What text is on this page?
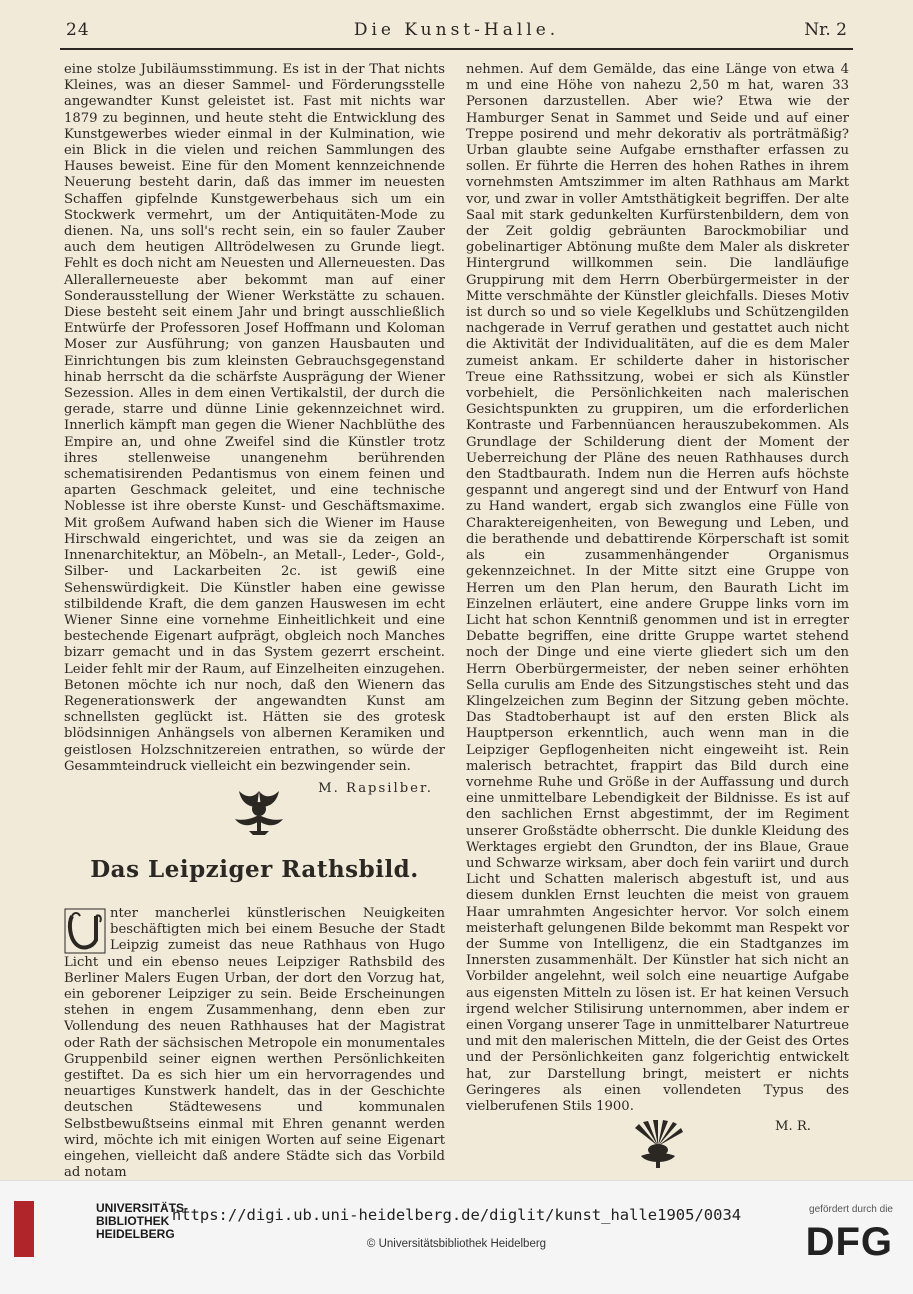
24	Die Kunst-Halle.	Nr. 2

eine stolze Jubiläumsstimmung. Es ist in der That nichts Kleines, was an dieser Sammel- und Förderungsstelle angewandter Kunst geleistet ist. Fast mit nichts war 1879 zu beginnen, und heute steht die Entwicklung des Kunstgewerbes wieder einmal in der Kulmination, wie ein Blick in die vielen und reichen Sammlungen des Hauses beweist. Eine für den Moment kennzeichnende Neuerung besteht darin, daß das immer im neuesten Schaffen gipfelnde Kunstgewerbehaus sich um ein Stockwerk vermehrt, um der Antiquitäten-Mode zu dienen. Na, uns soll's recht sein, ein so fauler Zauber auch dem heutigen Alltrödelwesen zu Grunde liegt. Fehlt es doch nicht am Neuesten und Allerneuesten. Das Allerallerneueste aber bekommt man auf einer Sonderausstellung der Wiener Werkstätte zu schauen. Diese besteht seit einem Jahr und bringt ausschließlich Entwürfe der Professoren Josef Hoffmann und Koloman Moser zur Ausführung; von ganzen Hausbauten und Einrichtungen bis zum kleinsten Gebrauchsgegenstand hinab herrscht da die schärfste Ausprägung der Wiener Sezession. Alles in dem einen Vertikalstil, der durch die gerade, starre und dünne Linie gekennzeichnet wird. Innerlich kämpft man gegen die Wiener Nachblüthe des Empire an, und ohne Zweifel sind die Künstler trotz ihres stellenweise unangenehm berührenden schematisirenden Pedantismus von einem feinen und aparten Geschmack geleitet, und eine technische Noblesse ist ihre oberste Kunst- und Geschäftsmaxime. Mit großem Aufwand haben sich die Wiener im Hause Hirschwald eingerichtet, und was sie da zeigen an Innenarchitektur, an Möbeln-, an Metall-, Leder-, Gold-, Silber- und Lackarbeiten 2c. ist gewiß eine Sehenswürdigkeit. Die Künstler haben eine gewisse stilbildende Kraft, die dem ganzen Hauswesen im echt Wiener Sinne eine vornehme Einheitlichkeit und eine bestechende Eigenart aufprägt, obgleich noch Manches bizarr gemacht und in das System gezerrt erscheint. Leider fehlt mir der Raum, auf Einzelheiten einzugehen. Betonen möchte ich nur noch, daß den Wienern das Regenerationswerk der angewandten Kunst am schnellsten geglückt ist. Hätten sie des grotesk blödsinnigen Anhängsels von albernen Keramiken und geistlosen Holzschnitzereien entrathen, so würde der Gesammteindruck vielleicht ein bezwingender sein.

M. Rapsilber.

Das Leipziger Rathsbild.

nter mancherlei künstlerischen Neuigkeiten beschäftigten mich bei einem Besuche der Stadt Leipzig zumeist das neue Rathhaus von Hugo Licht und ein ebenso neues Leipziger Rathsbild des Berliner Malers Eugen Urban, der dort den Vorzug hat, ein geborener Leipziger zu sein. Beide Erscheinungen stehen in engem Zusammenhang, denn eben zur Vollendung des neuen Rathhauses hat der Magistrat oder Rath der sächsischen Metropole ein monumentales Gruppenbild seiner eignen werthen Persönlichkeiten gestiftet. Da es sich hier um ein hervorragendes und neuartiges Kunstwerk handelt, das in der Geschichte deutschen Städtewesens und kommunalen Selbstbewußtseins einmal mit Ehren genannt werden wird, möchte ich mit einigen Worten auf seine Eigenart eingehen, vielleicht daß andere Städte sich das Vorbild ad notam

nehmen. Auf dem Gemälde, das eine Länge von etwa 4 m und eine Höhe von nahezu 2,50 m hat, waren 33 Personen darzustellen. Aber wie? Etwa wie der Hamburger Senat in Sammet und Seide und auf einer Treppe posirend und mehr dekorativ als porträtmäßig? Urban glaubte seine Aufgabe ernsthafter erfassen zu sollen. Er führte die Herren des hohen Rathes in ihrem vornehmsten Amtszimmer im alten Rathhaus am Markt vor, und zwar in voller Amtsthätigkeit begriffen. Der alte Saal mit stark gedunkelten Kurfürstenbildern, dem von der Zeit goldig gebräunten Barockmobiliar und gobelinartiger Abtönung mußte dem Maler als diskreter Hintergrund willkommen sein. Die landläufige Gruppirung mit dem Herrn Oberbürgermeister in der Mitte verschmähte der Künstler gleichfalls. Dieses Motiv ist durch so und so viele Kegelklubs und Schützengilden nachgerade in Verruf gerathen und gestattet auch nicht die Aktivität der Individualitäten, auf die es dem Maler zumeist ankam. Er schilderte daher in historischer Treue eine Rathssitzung, wobei er sich als Künstler vorbehielt, die Persönlichkeiten nach malerischen Gesichtspunkten zu gruppiren, um die erforderlichen Kontraste und Farbennüancen herauszubekommen. Als Grundlage der Schilderung dient der Moment der Ueberreichung der Pläne des neuen Rathhauses durch den Stadtbaurath. Indem nun die Herren aufs höchste gespannt und angeregt sind und der Entwurf von Hand zu Hand wandert, ergab sich zwanglos eine Fülle von Charaktereigenheiten, von Bewegung und Leben, und die berathende und debattirende Körperschaft ist somit als ein zusammenhängender Organismus gekennzeichnet. In der Mitte sitzt eine Gruppe von Herren um den Plan herum, den Baurath Licht im Einzelnen erläutert, eine andere Gruppe links vorn im Licht hat schon Kenntniß genommen und ist in erregter Debatte begriffen, eine dritte Gruppe wartet stehend noch der Dinge und eine vierte gliedert sich um den Herrn Oberbürgermeister, der neben seiner erhöhten Sella curulis am Ende des Sitzungstisches steht und das Klingelzeichen zum Beginn der Sitzung geben möchte. Das Stadtoberhaupt ist auf den ersten Blick als Hauptperson erkenntlich, auch wenn man in die Leipziger Gepflogenheiten nicht eingeweiht ist. Rein malerisch betrachtet, frappirt das Bild durch eine vornehme Ruhe und Größe in der Auffassung und durch eine unmittelbare Lebendigkeit der Bildnisse. Es ist auf den sachlichen Ernst abgestimmt, der im Regiment unserer Großstädte obherrscht. Die dunkle Kleidung des Werktages ergiebt den Grundton, der ins Blaue, Graue und Schwarze wirksam, aber doch fein variirt und durch Licht und Schatten malerisch abgestuft ist, und aus diesem dunklen Ernst leuchten die meist von grauem Haar umrahmten Angesichter hervor. Vor solch einem meisterhaft gelungenen Bilde bekommt man Respekt vor der Summe von Intelligenz, die ein Stadtganzes im Innersten zusammenhält. Der Künstler hat sich nicht an Vorbilder angelehnt, weil solch eine neuartige Aufgabe aus eigensten Mitteln zu lösen ist. Er hat keinen Versuch irgend welcher Stilisirung unternommen, aber indem er einen Vorgang unserer Tage in unmittelbarer Naturtreue und mit den malerischen Mitteln, die der Geist des Ortes und der Persönlichkeiten ganz folgerichtig entwickelt hat, zur Darstellung bringt, meistert er nichts Geringeres als einen vollendeten Typus des vielberufenen Stils 1900.

M. R.

UNIVERSITÄTS-
BIBLIOTHEK
HEIDELBERG
https://digi.ub.uni-heidelberg.de/diglit/kunst_halle1905/0034
© Universitätsbibliothek Heidelberg
gefördert durch die
DFG
